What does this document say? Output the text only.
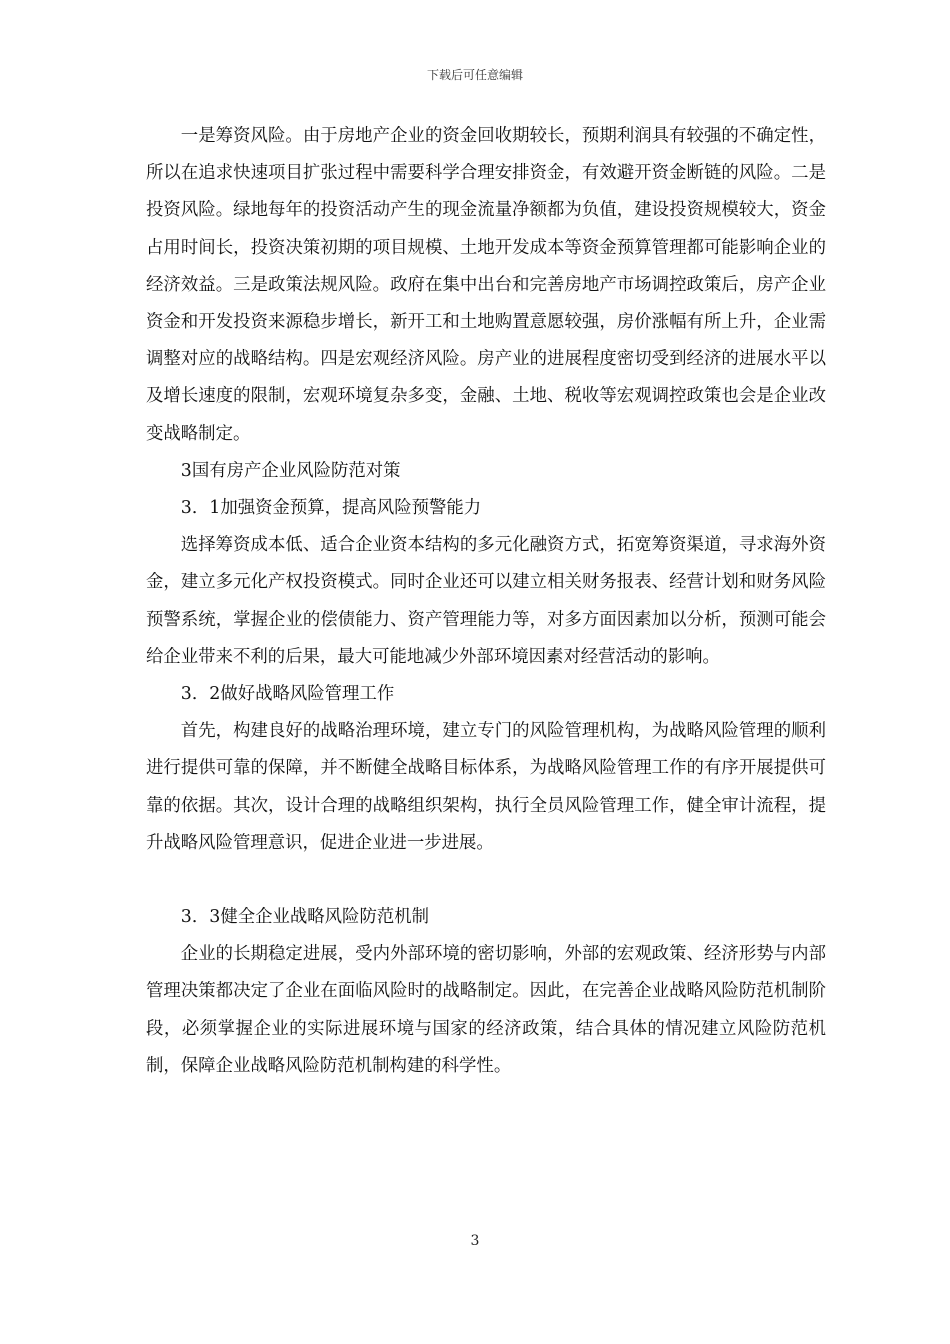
下载后可任意编辑

一是筹资风险。由于房地产企业的资金回收期较长，预期利润具有较强的不确定性，所以在追求快速项目扩张过程中需要科学合理安排资金，有效避开资金断链的风险。二是投资风险。绿地每年的投资活动产生的现金流量净额都为负值，建设投资规模较大，资金占用时间长，投资决策初期的项目规模、土地开发成本等资金预算管理都可能影响企业的经济效益。三是政策法规风险。政府在集中出台和完善房地产市场调控政策后，房产企业资金和开发投资来源稳步增长，新开工和土地购置意愿较强，房价涨幅有所上升，企业需调整对应的战略结构。四是宏观经济风险。房产业的进展程度密切受到经济的进展水平以及增长速度的限制，宏观环境复杂多变，金融、土地、税收等宏观调控政策也会是企业改变战略制定。

3国有房产企业风险防范对策

3．1加强资金预算，提高风险预警能力

选择筹资成本低、适合企业资本结构的多元化融资方式，拓宽筹资渠道，寻求海外资金，建立多元化产权投资模式。同时企业还可以建立相关财务报表、经营计划和财务风险预警系统，掌握企业的偿债能力、资产管理能力等，对多方面因素加以分析，预测可能会给企业带来不利的后果，最大可能地减少外部环境因素对经营活动的影响。

3．2做好战略风险管理工作

首先，构建良好的战略治理环境，建立专门的风险管理机构，为战略风险管理的顺利进行提供可靠的保障，并不断健全战略目标体系，为战略风险管理工作的有序开展提供可靠的依据。其次，设计合理的战略组织架构，执行全员风险管理工作，健全审计流程，提升战略风险管理意识，促进企业进一步进展。

3．3健全企业战略风险防范机制

企业的长期稳定进展，受内外部环境的密切影响，外部的宏观政策、经济形势与内部管理决策都决定了企业在面临风险时的战略制定。因此，在完善企业战略风险防范机制阶段，必须掌握企业的实际进展环境与国家的经济政策，结合具体的情况建立风险防范机制，保障企业战略风险防范机制构建的科学性。

3
